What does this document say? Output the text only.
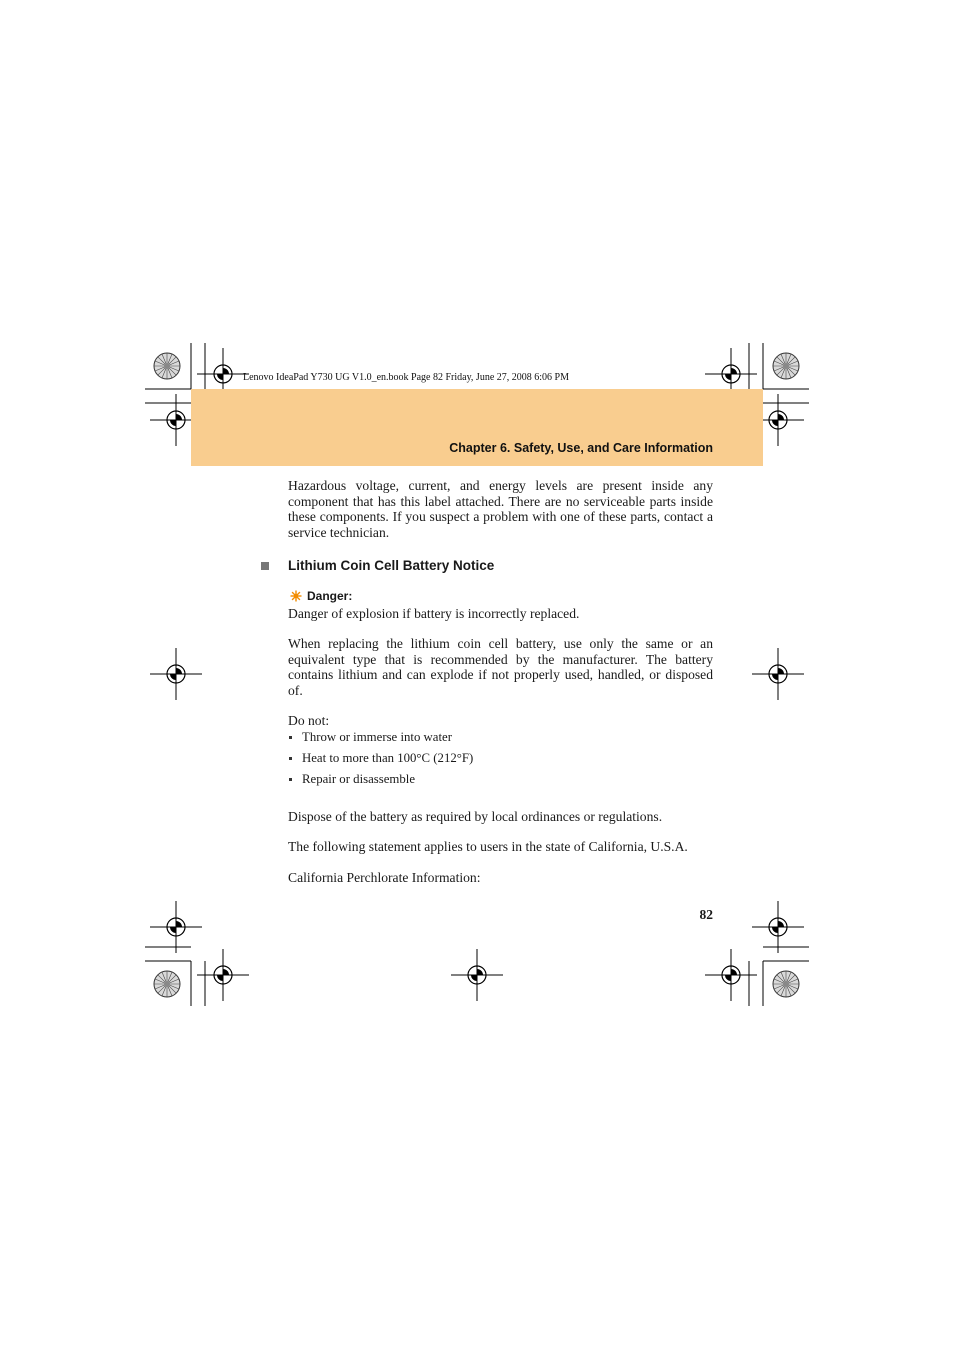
Lenovo IdeaPad Y730 UG V1.0_en.book Page 82 Friday, June 27, 2008 6:06 PM
Chapter 6. Safety, Use, and Care Information

Hazardous voltage, current, and energy levels are present inside any component that has this label attached. There are no serviceable parts inside these components. If you suspect a problem with one of these parts, contact a service technician.

Lithium Coin Cell Battery Notice
Danger:

Danger of explosion if battery is incorrectly replaced.

When replacing the lithium coin cell battery, use only the same or an equivalent type that is recommended by the manufacturer. The battery contains lithium and can explode if not properly used, handled, or disposed of.

Do not:

Throw or immerse into water
Heat to more than 100°C (212°F)
Repair or disassemble

Dispose of the battery as required by local ordinances or regulations.

The following statement applies to users in the state of California, U.S.A.

California Perchlorate Information:

82
